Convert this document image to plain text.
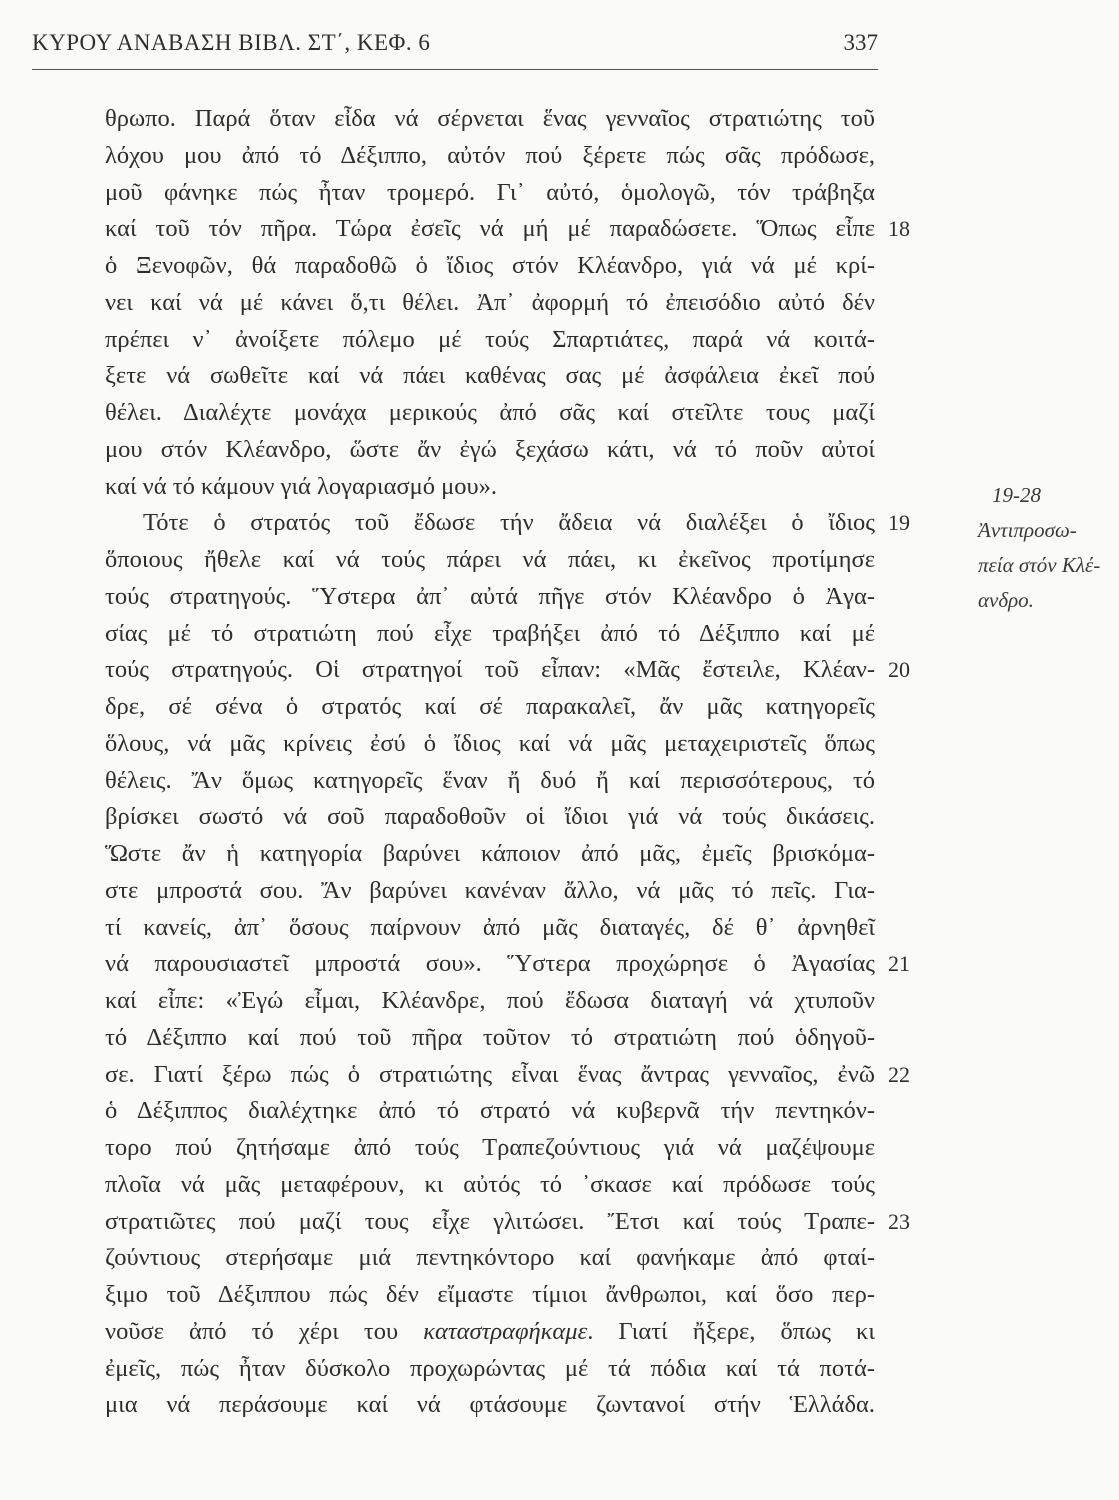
ΚΥΡΟΥ ΑΝΑΒΑΣΗ ΒΙΒΛ. ΣΤ΄, ΚΕΦ. 6	337
θρωπο. Παρά ὅταν εἶδα νά σέρνεται ἕνας γενναῖος στρατιώτης τοῦ
λόχου μου ἀπό τό Δέξιππο, αὐτόν πού ξέρετε πώς σᾶς πρόδωσε,
μοῦ φάνηκε πώς ἦταν τρομερό. Γι᾽ αὐτό, ὁμολογῶ, τόν τράβηξα
καί τοῦ τόν πῆρα. Τώρα ἐσεῖς νά μή μέ παραδώσετε. Ὅπως εἶπε 18
ὁ Ξενοφῶν, θά παραδοθῶ ὁ ἴδιος στόν Κλέανδρο, γιά νά μέ κρί-
νει καί νά μέ κάνει ὅ,τι θέλει. Ἀπ᾽ ἀφορμή τό ἐπεισόδιο αὐτό δέν
πρέπει ν᾽ ἀνοίξετε πόλεμο μέ τούς Σπαρτιάτες, παρά νά κοιτά-
ξετε νά σωθεῖτε καί νά πάει καθένας σας μέ ἀσφάλεια ἐκεῖ πού
θέλει. Διαλέχτε μονάχα μερικούς ἀπό σᾶς καί στεῖλτε τους μαζί
μου στόν Κλέανδρο, ὥστε ἄν ἐγώ ξεχάσω κάτι, νά τό ποῦν αὐτοί
καί νά τό κάμουν γιά λογαριασμό μου».
Τότε ὁ στρατός τοῦ ἔδωσε τήν ἄδεια νά διαλέξει ὁ ἴδιος 19
ὅποιους ἤθελε καί νά τούς πάρει νά πάει, κι ἐκεῖνος προτίμησε
τούς στρατηγούς. Ὕστερα ἀπ᾽ αὐτά πῆγε στόν Κλέανδρο ὁ Ἀγα-
σίας μέ τό στρατιώτη πού εἶχε τραβήξει ἀπό τό Δέξιππο καί μέ
τούς στρατηγούς. Οἱ στρατηγοί τοῦ εἶπαν: «Μᾶς ἔστειλε, Κλέαν- 20
δρε, σέ σένα ὁ στρατός καί σέ παρακαλεῖ, ἄν μᾶς κατηγορεῖς
ὅλους, νά μᾶς κρίνεις ἐσύ ὁ ἴδιος καί νά μᾶς μεταχειριστεῖς ὅπως
θέλεις. Ἄν ὅμως κατηγορεῖς ἕναν ἤ δυό ἤ καί περισσότερους, τό
βρίσκει σωστό νά σοῦ παραδοθοῦν οἱ ἴδιοι γιά νά τούς δικάσεις.
Ὥστε ἄν ἡ κατηγορία βαρύνει κάποιον ἀπό μᾶς, ἐμεῖς βρισκόμα-
στε μπροστά σου. Ἄν βαρύνει κανέναν ἄλλο, νά μᾶς τό πεῖς. Για-
τί κανείς, ἀπ᾽ ὅσους παίρνουν ἀπό μᾶς διαταγές, δέ θ᾽ ἀρνηθεῖ
νά παρουσιαστεῖ μπροστά σου». Ὕστερα προχώρησε ὁ Ἀγασίας 21
καί εἶπε: «Ἐγώ εἶμαι, Κλέανδρε, πού ἔδωσα διαταγή νά χτυποῦν
τό Δέξιππο καί πού τοῦ πῆρα τοῦτον τό στρατιώτη πού ὁδηγοῦ-
σε. Γιατί ξέρω πώς ὁ στρατιώτης εἶναι ἕνας ἄντρας γενναῖος, ἐνῶ 22
ὁ Δέξιππος διαλέχτηκε ἀπό τό στρατό νά κυβερνᾶ τήν πεντηκόν-
τορο πού ζητήσαμε ἀπό τούς Τραπεζούντιους γιά νά μαζέψουμε
πλοῖα νά μᾶς μεταφέρουν, κι αὐτός τό ᾽σκασε καί πρόδωσε τούς
στρατιῶτες πού μαζί τους εἶχε γλιτώσει. Ἔτσι καί τούς Τραπε- 23
ζούντιους στερήσαμε μιά πεντηκόντορο καί φανήκαμε ἀπό φταί-
ξιμο τοῦ Δέξιππου πώς δέν εἴμαστε τίμιοι ἄνθρωποι, καί ὅσο περ-
νοῦσε ἀπό τό χέρι του καταστραφήκαμε. Γιατί ἤξερε, ὅπως κι
ἐμεῖς, πώς ἦταν δύσκολο προχωρώντας μέ τά πόδια καί τά ποτά-
μια νά περάσουμε καί νά φτάσουμε ζωντανοί στήν Ἑλλάδα.
19-28
Ἀντιπροσω-
πεία στόν Κλέ-
ανδρο.
